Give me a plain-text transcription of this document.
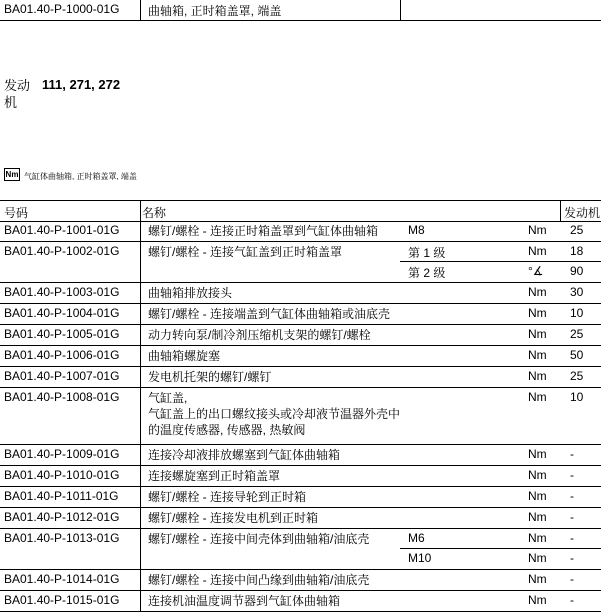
BA01.40-P-1000-01G 曲轴箱, 正时箱盖罩, 端盖
发动机
111, 271, 272
Nm 气缸体曲轴箱, 正时箱盖罩, 端盖
号码	名称	发动机
BA01.40-P-1001-01G 螺钉/螺栓 - 连接正时箱盖罩到气缸体曲轴箱	M8	Nm 25
BA01.40-P-1002-01G 螺钉/螺栓 - 连接气缸盖到正时箱盖罩	第 1 级	Nm 18
第 2 级	°∡ 90
BA01.40-P-1003-01G 曲轴箱排放接头	Nm 30
BA01.40-P-1004-01G 螺钉/螺栓 - 连接端盖到气缸体曲轴箱或油底壳	Nm 10
BA01.40-P-1005-01G 动力转向泵/制冷剂压缩机支架的螺钉/螺栓	Nm 25
BA01.40-P-1006-01G 曲轴箱螺旋塞	Nm 50
BA01.40-P-1007-01G 发电机托架的螺钉/螺钉	Nm 25
BA01.40-P-1008-01G 气缸盖,
气缸盖上的出口螺纹接头或冷却液节温器外壳中
的温度传感器, 传感器, 热敏阀
Nm 10
BA01.40-P-1009-01G 连接冷却液排放螺塞到气缸体曲轴箱	Nm -
BA01.40-P-1010-01G 连接螺旋塞到正时箱盖罩	Nm -
BA01.40-P-1011-01G 螺钉/螺栓 - 连接导轮到正时箱	Nm -
BA01.40-P-1012-01G 螺钉/螺栓 - 连接发电机到正时箱	Nm -
BA01.40-P-1013-01G 螺钉/螺栓 - 连接中间壳体到曲轴箱/油底壳	M6	Nm -
M10	Nm -
BA01.40-P-1014-01G 螺钉/螺栓 - 连接中间凸缘到曲轴箱/油底壳	Nm -
BA01.40-P-1015-01G 连接机油温度调节器到气缸体曲轴箱	Nm -
